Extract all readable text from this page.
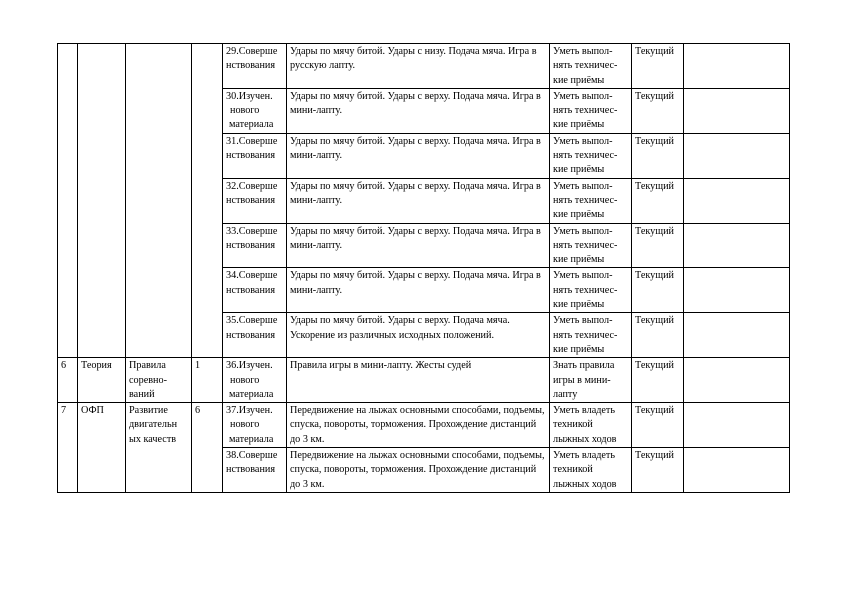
				29.Соверше
нствования	Удары по мячу битой. Удары с низу. Подача мяча. Игра в русскую лапту.	Уметь выпол-нять техничес-кие приёмы	Текущий	

				30.Изучен.
нового
материала	Удары по мячу битой. Удары с верху. Подача мяча. Игра в мини-лапту.	Уметь выпол-нять техничес-кие приёмы	Текущий	

				31.Соверше
нствования	Удары по мячу битой. Удары с верху. Подача мяча. Игра в мини-лапту.	Уметь выпол-нять техничес-кие приёмы	Текущий	

				32.Соверше
нствования	Удары по мячу битой. Удары с верху. Подача мяча. Игра в мини-лапту.	Уметь выпол-нять техничес-кие приёмы	Текущий	

				33.Соверше
нствования	Удары по мячу битой. Удары с верху. Подача мяча. Игра в мини-лапту.	Уметь выпол-нять техничес-кие приёмы	Текущий	

				34.Соверше
нствования	Удары по мячу битой. Удары с верху. Подача мяча. Игра в мини-лапту.	Уметь выпол-нять техничес-кие приёмы	Текущий	

				35.Соверше
нствования	Удары по мячу битой. Удары с верху. Подача мяча. Ускорение из различных исходных положений.	Уметь выпол-нять техничес-кие приёмы	Текущий	
6	Теория	Правила соревно-ваний	1	36.Изучен.
нового
материала	Правила игры в мини-лапту. Жесты судей	Знать правила игры в мини-лапту	Текущий	
7	ОФП	Развитие двигательн ых качеств	6	37.Изучен.
нового
материала	Передвижение на лыжах основными способами, подъемы, спуска, повороты, торможения. Прохождение дистанций до 3 км.	Уметь владеть техникой лыжных ходов	Текущий	

				38.Соверше
нствования	Передвижение на лыжах основными способами, подъемы, спуска, повороты, торможения. Прохождение дистанций до 3 км.	Уметь владеть техникой лыжных ходов	Текущий	
